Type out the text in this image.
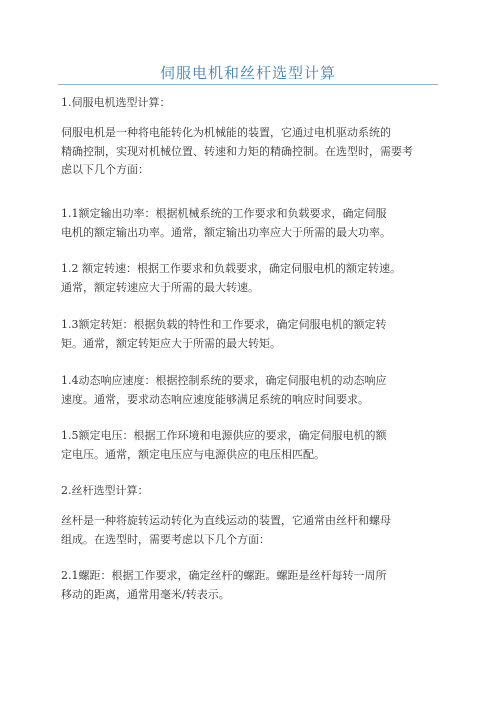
伺服电机和丝杆选型计算
1.伺服电机选型计算：
伺服电机是一种将电能转化为机械能的装置，它通过电机驱动系统的
精确控制，实现对机械位置、转速和力矩的精确控制。在选型时，需要考
虑以下几个方面：
1.1额定输出功率：根据机械系统的工作要求和负载要求，确定伺服
电机的额定输出功率。通常，额定输出功率应大于所需的最大功率。
1.2 额定转速：根据工作要求和负载要求，确定伺服电机的额定转速。
通常，额定转速应大于所需的最大转速。
1.3额定转矩：根据负载的特性和工作要求，确定伺服电机的额定转
矩。通常，额定转矩应大于所需的最大转矩。
1.4动态响应速度：根据控制系统的要求，确定伺服电机的动态响应
速度。通常，要求动态响应速度能够满足系统的响应时间要求。
1.5额定电压：根据工作环境和电源供应的要求，确定伺服电机的额
定电压。通常，额定电压应与电源供应的电压相匹配。
2.丝杆选型计算：
丝杆是一种将旋转运动转化为直线运动的装置，它通常由丝杆和螺母
组成。在选型时，需要考虑以下几个方面：
2.1螺距：根据工作要求，确定丝杆的螺距。螺距是丝杆每转一周所
移动的距离，通常用毫米/转表示。
